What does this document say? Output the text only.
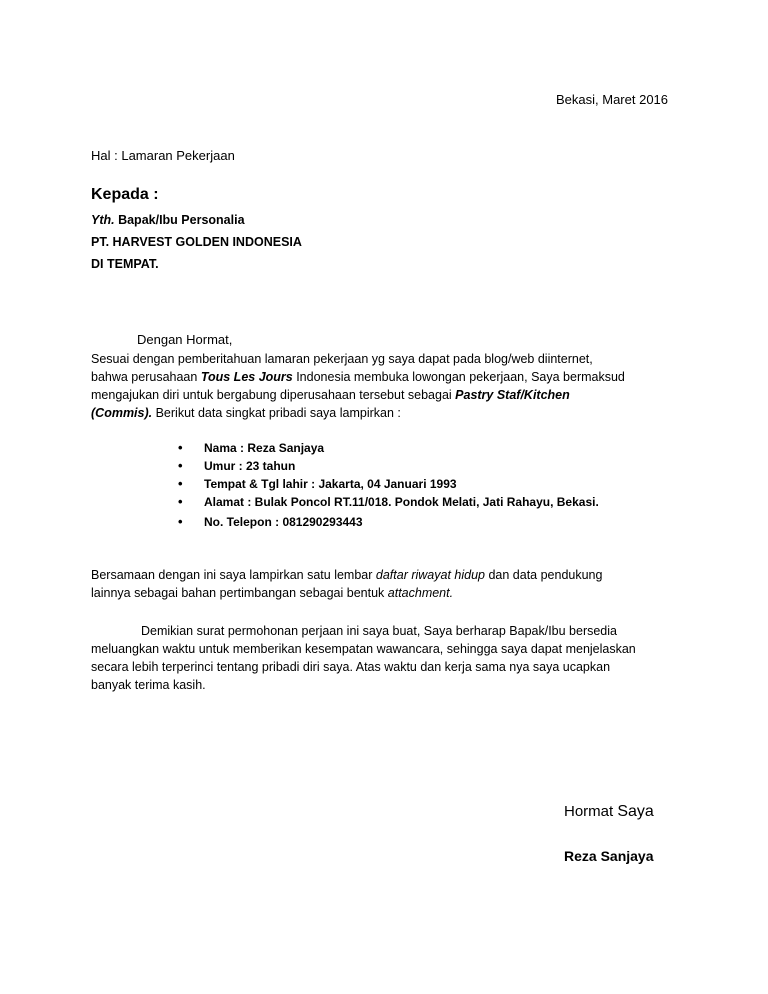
Bekasi, Maret 2016
Hal : Lamaran Pekerjaan
Kepada :
Yth. Bapak/Ibu Personalia
PT. HARVEST GOLDEN INDONESIA
DI TEMPAT.
Dengan Hormat,
Sesuai dengan pemberitahuan lamaran pekerjaan yg saya dapat pada blog/web diinternet,
bahwa perusahaan Tous Les Jours Indonesia membuka lowongan pekerjaan, Saya bermaksud
mengajukan diri untuk bergabung diperusahaan tersebut sebagai Pastry Staf/Kitchen
(Commis). Berikut data singkat pribadi saya lampirkan :
• Nama : Reza Sanjaya
• Umur : 23 tahun
• Tempat & Tgl lahir : Jakarta, 04 Januari 1993
• Alamat : Bulak Poncol RT.11/018. Pondok Melati, Jati Rahayu, Bekasi.
• No. Telepon : 081290293443
Bersamaan dengan ini saya lampirkan satu lembar daftar riwayat hidup dan data pendukung
lainnya sebagai bahan pertimbangan sebagai bentuk attachment.
Demikian surat permohonan perjaan ini saya buat, Saya berharap Bapak/Ibu bersedia
meluangkan waktu untuk memberikan kesempatan wawancara, sehingga saya dapat menjelaskan
secara lebih terperinci tentang pribadi diri saya. Atas waktu dan kerja sama nya saya ucapkan
banyak terima kasih.
Hormat Saya
Reza Sanjaya
